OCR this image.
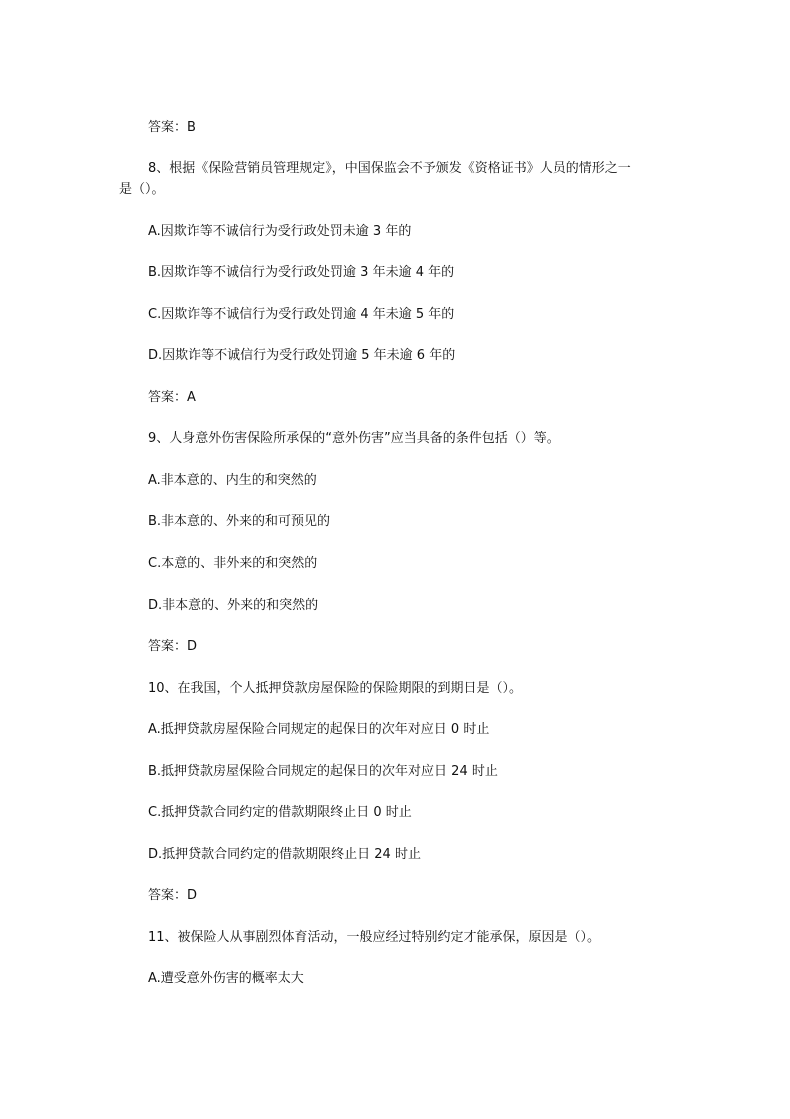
答案：B
8、根据《保险营销员管理规定》，中国保监会不予颁发《资格证书》人员的情形之一
是（）。
A.因欺诈等不诚信行为受行政处罚未逾 3 年的
B.因欺诈等不诚信行为受行政处罚逾 3 年未逾 4 年的
C.因欺诈等不诚信行为受行政处罚逾 4 年未逾 5 年的
D.因欺诈等不诚信行为受行政处罚逾 5 年未逾 6 年的
答案：A
9、人身意外伤害保险所承保的“意外伤害”应当具备的条件包括（）等。
A.非本意的、内生的和突然的
B.非本意的、外来的和可预见的
C.本意的、非外来的和突然的
D.非本意的、外来的和突然的
答案：D
10、在我国，个人抵押贷款房屋保险的保险期限的到期日是（）。
A.抵押贷款房屋保险合同规定的起保日的次年对应日 0 时止
B.抵押贷款房屋保险合同规定的起保日的次年对应日 24 时止
C.抵押贷款合同约定的借款期限终止日 0 时止
D.抵押贷款合同约定的借款期限终止日 24 时止
答案：D
11、被保险人从事剧烈体育活动，一般应经过特别约定才能承保，原因是（）。
A.遭受意外伤害的概率太大
